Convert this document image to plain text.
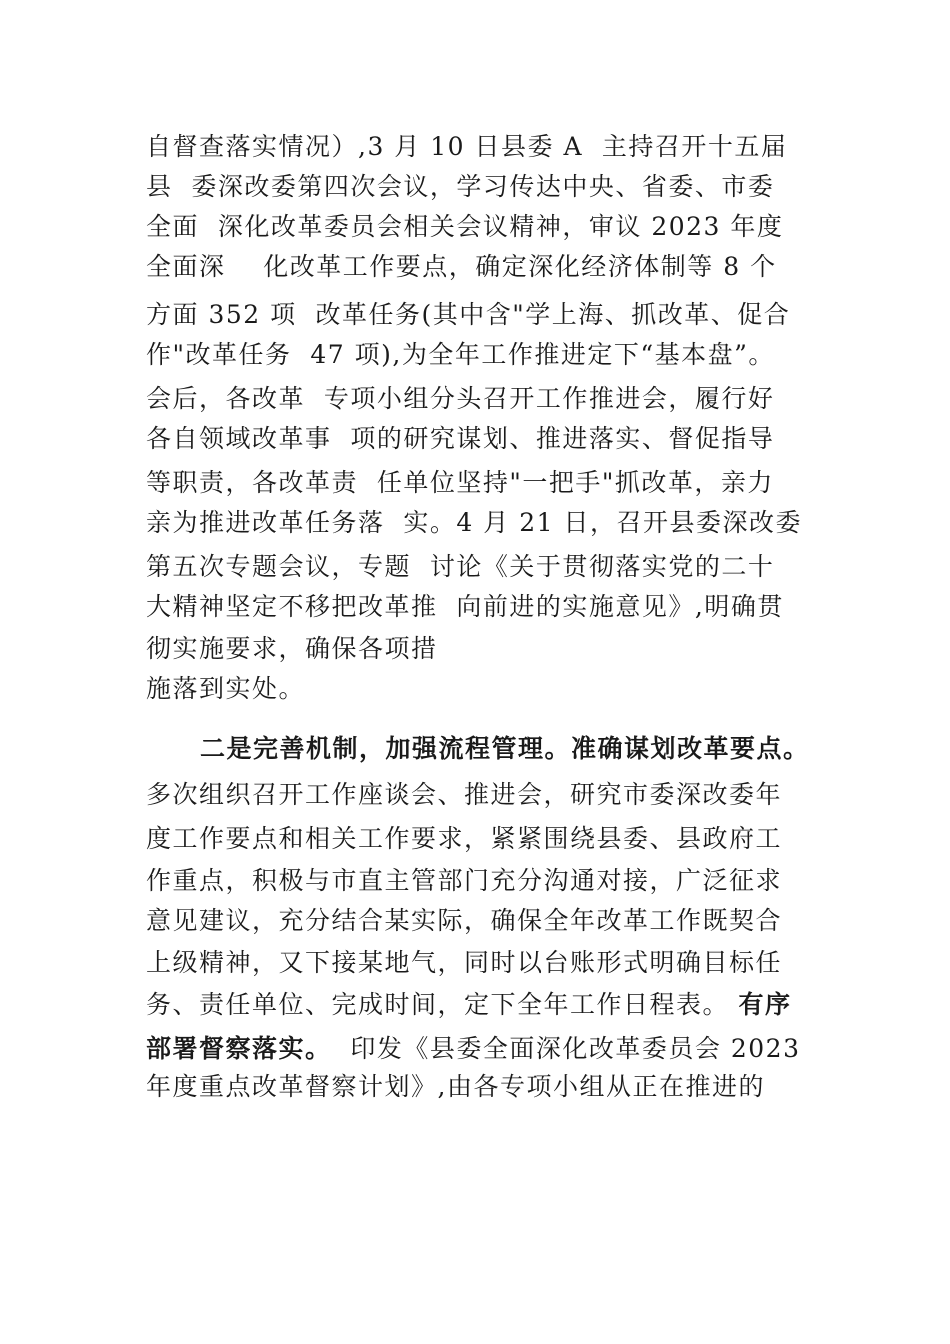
自督查落实情况）,3 月 10 日县委 A  主持召开十五届
县  委深改委第四次会议，学习传达中央、省委、市委
全面  深化改革委员会相关会议精神，审议 2023 年度
全面深    化改革工作要点，确定深化经济体制等 8 个
方面 352 项  改革任务(其中含"学上海、抓改革、促合
作"改革任务  47 项),为全年工作推进定下“基本盘”。
会后，各改革  专项小组分头召开工作推进会，履行好
各自领域改革事  项的研究谋划、推进落实、督促指导
等职责，各改革责  任单位坚持"一把手"抓改革，亲力
亲为推进改革任务落  实。4 月 21 日，召开县委深改委
第五次专题会议，专题  讨论《关于贯彻落实党的二十
大精神坚定不移把改革推  向前进的实施意见》,明确贯
彻实施要求，确保各项措
施落到实处。
二是完善机制，加强流程管理。准确谋划改革要点。
多次组织召开工作座谈会、推进会，研究市委深改委年
度工作要点和相关工作要求，紧紧围绕县委、县政府工
作重点，积极与市直主管部门充分沟通对接，广泛征求
意见建议，充分结合某实际，确保全年改革工作既契合
上级精神，又下接某地气，同时以台账形式明确目标任
务、责任单位、完成时间，定下全年工作日程表。 有序
部署督察落实。  印发《县委全面深化改革委员会 2023
年度重点改革督察计划》,由各专项小组从正在推进的
